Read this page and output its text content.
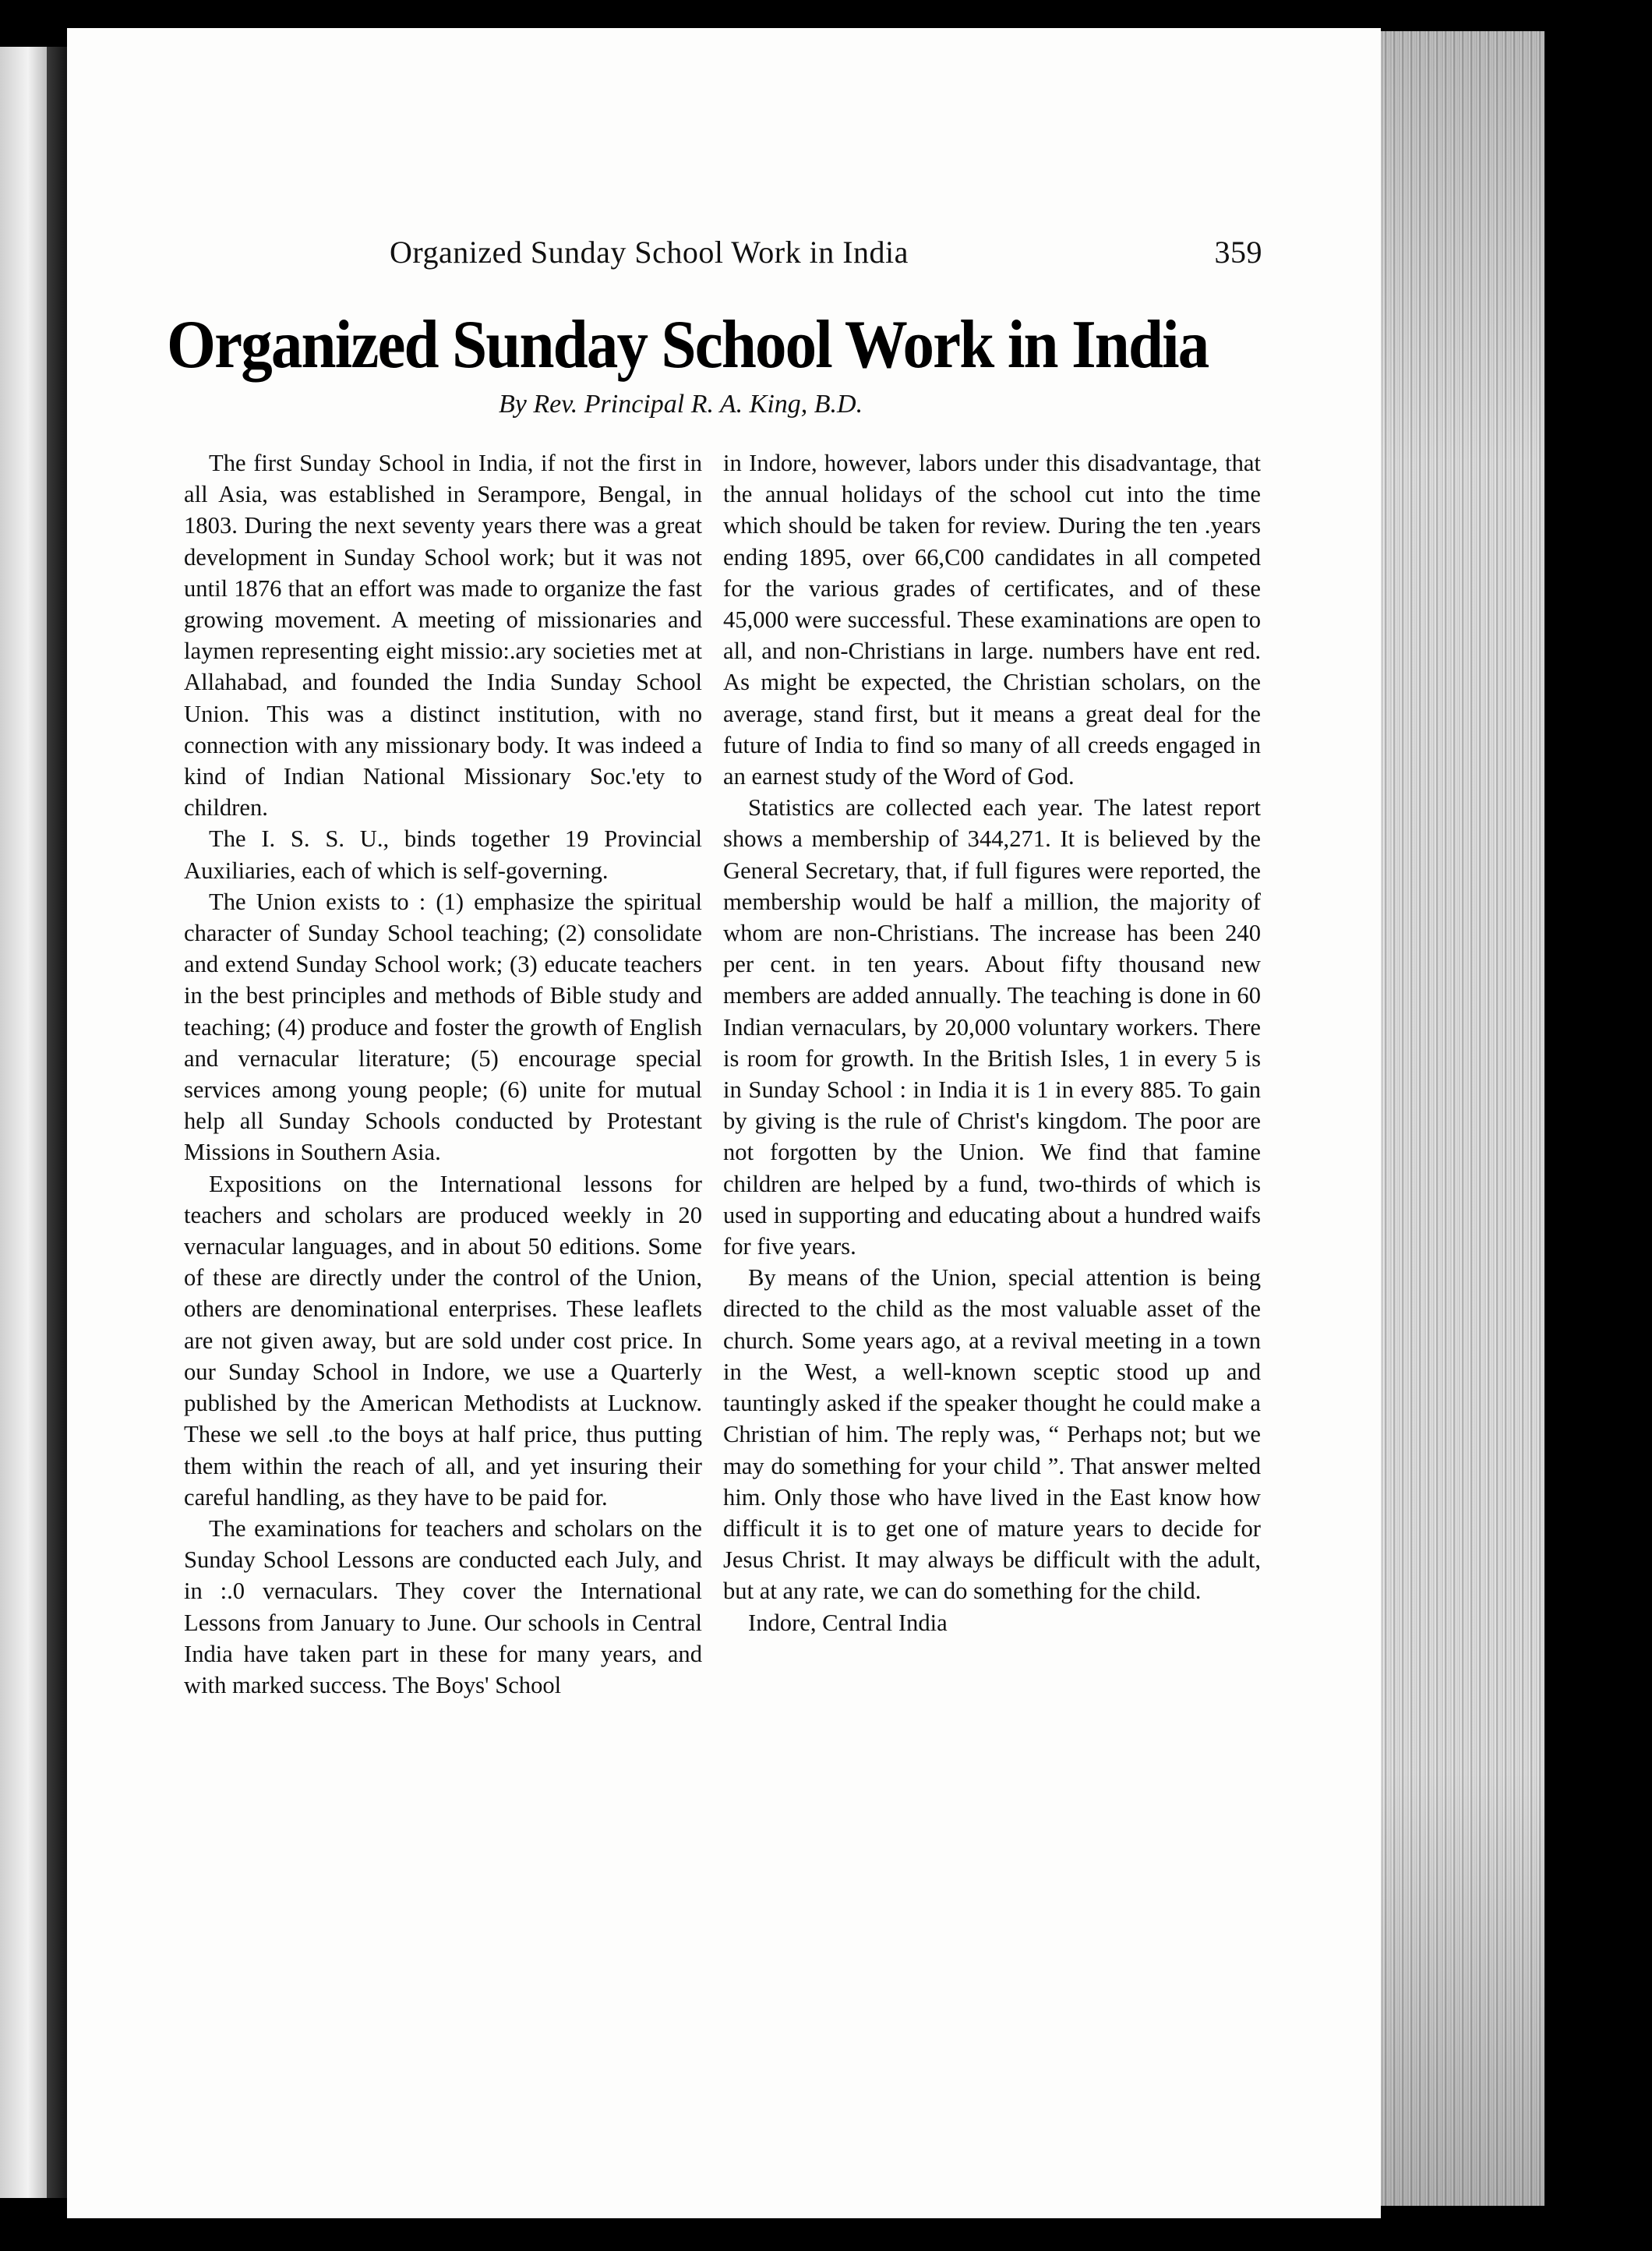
Organized Sunday School Work in India	359
Organized Sunday School Work in India
By Rev. Principal R. A. King, B.D.

The first Sunday School in India, if not the first in all Asia, was established in Serampore, Bengal, in 1803. During the next seventy years there was a great development in Sunday School work; but it was not until 1876 that an effort was made to organize the fast growing movement. A meeting of missionaries and laymen representing eight missio:.ary societies met at Allahabad, and founded the India Sunday School Union. This was a distinct institution, with no connection with any missionary body. It was indeed a kind of Indian National Missionary Soc.'ety to children.

The I. S. S. U., binds together 19 Provincial Auxiliaries, each of which is self-governing.

The Union exists to : (1) emphasize the spiritual character of Sunday School teaching; (2) consolidate and extend Sunday School work; (3) educate teachers in the best principles and methods of Bible study and teaching; (4) produce and foster the growth of English and vernacular literature; (5) encourage special services among young people; (6) unite for mutual help all Sunday Schools conducted by Protestant Missions in Southern Asia.

Expositions on the International lessons for teachers and scholars are produced weekly in 20 vernacular languages, and in about 50 editions. Some of these are directly under the control of the Union, others are denominational enterprises. These leaflets are not given away, but are sold under cost price. In our Sunday School in Indore, we use a Quarterly published by the American Methodists at Lucknow. These we sell .to the boys at half price, thus putting them within the reach of all, and yet insuring their careful handling, as they have to be paid for.

The examinations for teachers and scholars on the Sunday School Lessons are conducted each July, and in :.0 vernaculars. They cover the International Lessons from January to June. Our schools in Central India have taken part in these for many years, and with marked success. The Boys' School

in Indore, however, labors under this disadvantage, that the annual holidays of the school cut into the time which should be taken for review. During the ten .years ending 1895, over 66,C00 candidates in all competed for the various grades of certificates, and of these 45,000 were successful. These examinations are open to all, and non-Christians in large. numbers have ent red. As might be expected, the Christian scholars, on the average, stand first, but it means a great deal for the future of India to find so many of all creeds engaged in an earnest study of the Word of God.

Statistics are collected each year. The latest report shows a membership of 344,271. It is believed by the General Secretary, that, if full figures were reported, the membership would be half a million, the majority of whom are non-Christians. The increase has been 240 per cent. in ten years. About fifty thousand new members are added annually. The teaching is done in 60 Indian vernaculars, by 20,000 voluntary workers. There is room for growth. In the British Isles, 1 in every 5 is in Sunday School : in India it is 1 in every 885. To gain by giving is the rule of Christ's kingdom. The poor are not forgotten by the Union. We find that famine children are helped by a fund, two-thirds of which is used in supporting and educating about a hundred waifs for five years.

By means of the Union, special attention is being directed to the child as the most valuable asset of the church. Some years ago, at a revival meeting in a town in the West, a well-known sceptic stood up and tauntingly asked if the speaker thought he could make a Christian of him. The reply was, “ Perhaps not; but we may do something for your child ”. That answer melted him. Only those who have lived in the East know how difficult it is to get one of mature years to decide for Jesus Christ. It may always be difficult with the adult, but at any rate, we can do something for the child.

Indore, Central India
